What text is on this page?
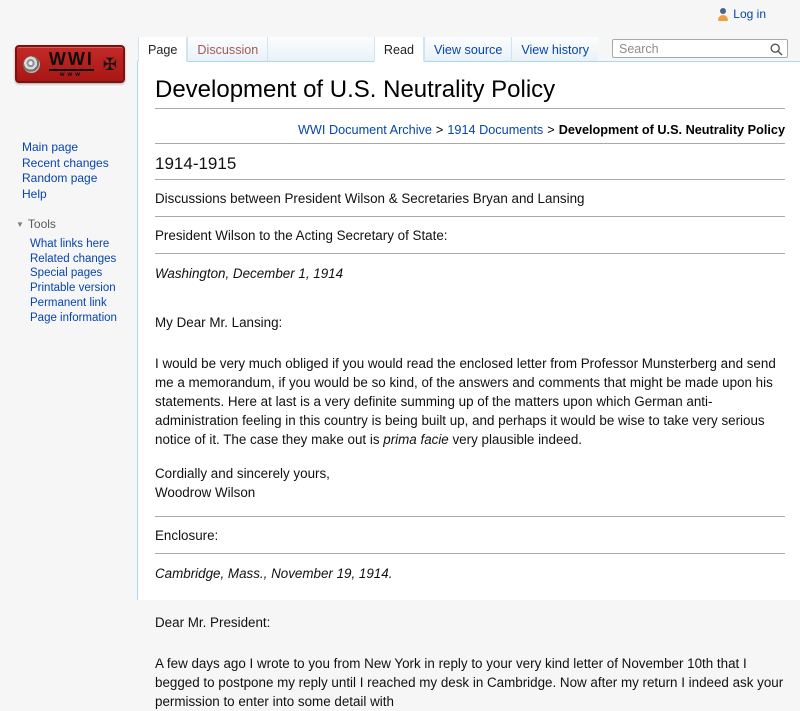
Log in
WWI
www
✠
Main page
Recent changes
Random page
Help
▼ Tools
What links here
Related changes
Special pages
Printable version
Permanent link
Page information
Page	Discussion	Read	View source	View history
Search
Development of U.S. Neutrality Policy
WWI Document Archive > 1914 Documents > Development of U.S. Neutrality Policy
1914-1915
Discussions between President Wilson & Secretaries Bryan and Lansing
President Wilson to the Acting Secretary of State:

Washington, December 1, 1914

My Dear Mr. Lansing:

I would be very much obliged if you would read the enclosed letter from Professor Munsterberg and send me a memorandum, if you would be so kind, of the answers and comments that might be made upon his statements. Here at last is a very definite summing up of the matters upon which German anti-administration feeling in this country is being built up, and perhaps it would be wise to take very serious notice of it. The case they make out is prima facie very plausible indeed.

Cordially and sincerely yours,
Woodrow Wilson

Enclosure:

Cambridge, Mass., November 19, 1914.

Dear Mr. President:

A few days ago I wrote to you from New York in reply to your very kind letter of November 10th that I begged to postpone my reply until I reached my desk in Cambridge. Now after my return I indeed ask your permission to enter into some detail with
